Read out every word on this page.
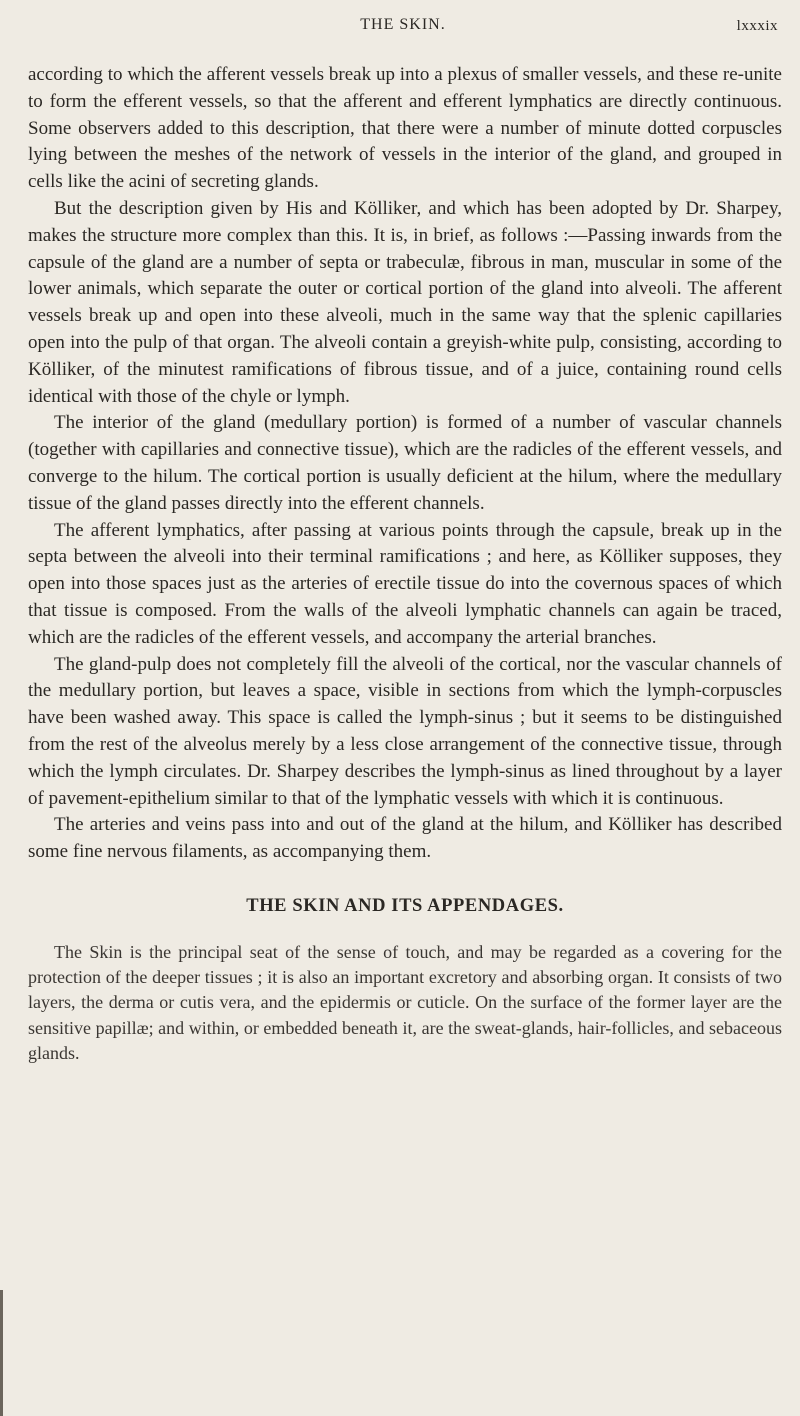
THE SKIN.	lxxxix

according to which the afferent vessels break up into a plexus of smaller vessels, and these re-unite to form the efferent vessels, so that the afferent and efferent lymphatics are directly continuous. Some observers added to this description, that there were a number of minute dotted corpuscles lying between the meshes of the network of vessels in the interior of the gland, and grouped in cells like the acini of secreting glands.

But the description given by His and Kölliker, and which has been adopted by Dr. Sharpey, makes the structure more complex than this. It is, in brief, as follows :—Passing inwards from the capsule of the gland are a number of septa or trabeculæ, fibrous in man, muscular in some of the lower animals, which separate the outer or cortical portion of the gland into alveoli. The afferent vessels break up and open into these alveoli, much in the same way that the splenic capillaries open into the pulp of that organ. The alveoli contain a greyish-white pulp, consisting, according to Kölliker, of the minutest ramifications of fibrous tissue, and of a juice, containing round cells identical with those of the chyle or lymph.

The interior of the gland (medullary portion) is formed of a number of vascular channels (together with capillaries and connective tissue), which are the radicles of the efferent vessels, and converge to the hilum. The cortical portion is usually deficient at the hilum, where the medullary tissue of the gland passes directly into the efferent channels.

The afferent lymphatics, after passing at various points through the capsule, break up in the septa between the alveoli into their terminal ramifications ; and here, as Kölliker supposes, they open into those spaces just as the arteries of erectile tissue do into the covernous spaces of which that tissue is composed. From the walls of the alveoli lymphatic channels can again be traced, which are the radicles of the efferent vessels, and accompany the arterial branches.

The gland-pulp does not completely fill the alveoli of the cortical, nor the vascular channels of the medullary portion, but leaves a space, visible in sections from which the lymph-corpuscles have been washed away. This space is called the lymph-sinus ; but it seems to be distinguished from the rest of the alveolus merely by a less close arrangement of the connective tissue, through which the lymph circulates. Dr. Sharpey describes the lymph-sinus as lined throughout by a layer of pavement-epithelium similar to that of the lymphatic vessels with which it is continuous.

The arteries and veins pass into and out of the gland at the hilum, and Kölliker has described some fine nervous filaments, as accompanying them.

THE SKIN AND ITS APPENDAGES.

The Skin is the principal seat of the sense of touch, and may be regarded as a covering for the protection of the deeper tissues ; it is also an important excretory and absorbing organ. It consists of two layers, the derma or cutis vera, and the epidermis or cuticle. On the surface of the former layer are the sensitive papillæ; and within, or embedded beneath it, are the sweat-glands, hair-follicles, and sebaceous glands.
